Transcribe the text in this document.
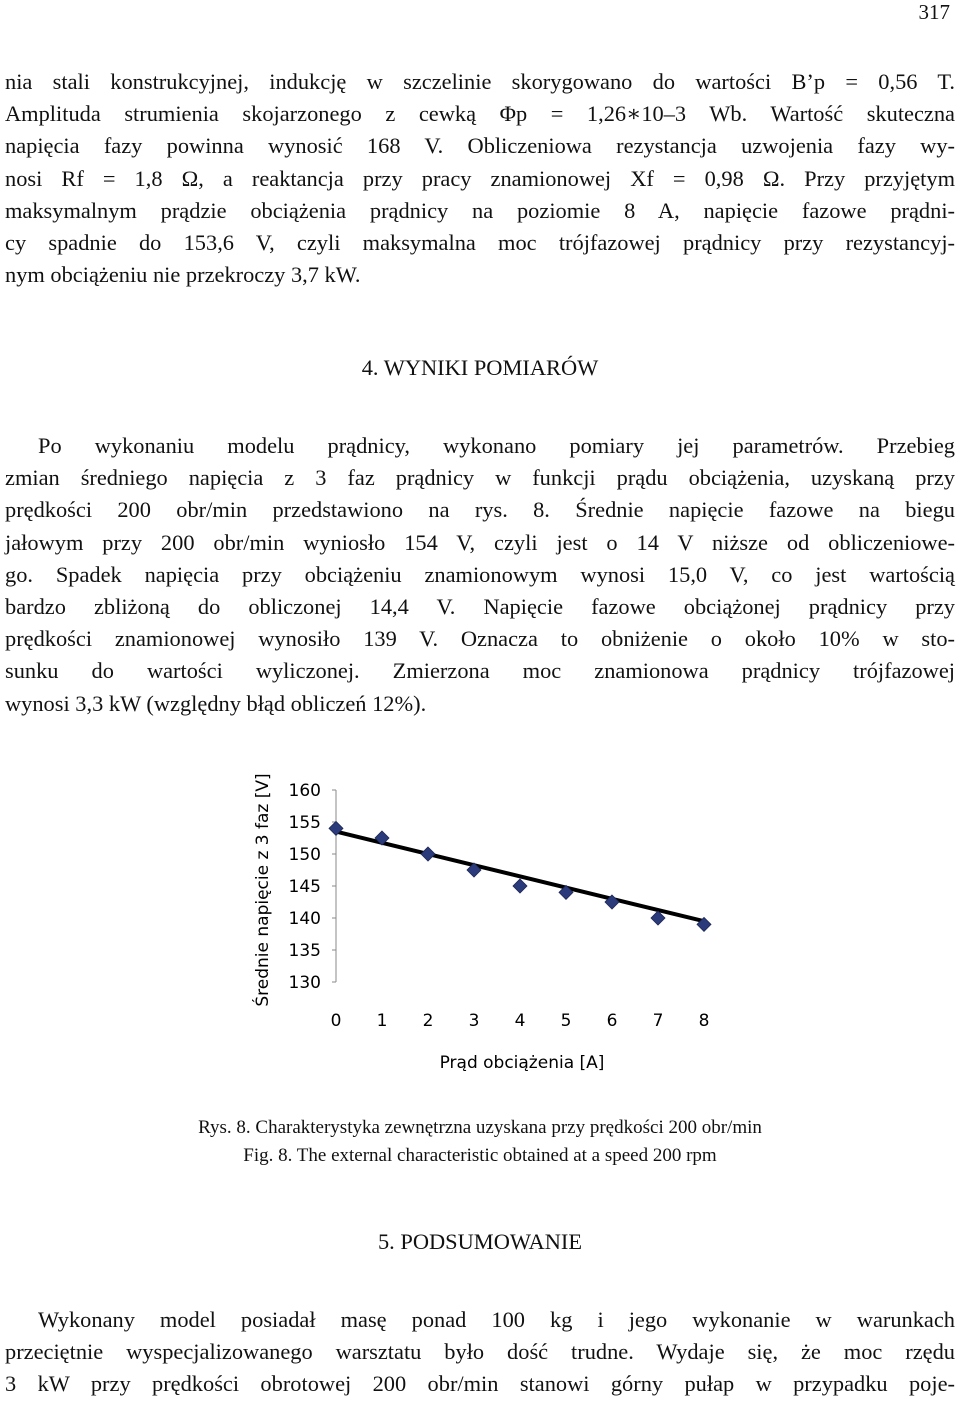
317
nia stali konstrukcyjnej, indukcję w szczelinie skorygowano do wartości B’p = 0,56 T.
Amplituda strumienia skojarzonego z cewką Φp = 1,26∗10–3 Wb. Wartość skuteczna
napięcia fazy powinna wynosić 168 V. Obliczeniowa rezystancja uzwojenia fazy wy-
nosi Rf = 1,8 Ω, a reaktancja przy pracy znamionowej Xf = 0,98 Ω. Przy przyjętym
maksymalnym prądzie obciążenia prądnicy na poziomie 8 A, napięcie fazowe prądni-
cy spadnie do 153,6 V, czyli maksymalna moc trójfazowej prądnicy przy rezystancyj-
nym obciążeniu nie przekroczy 3,7 kW.
4. WYNIKI POMIARÓW
Po wykonaniu modelu prądnicy, wykonano pomiary jej parametrów. Przebieg
zmian średniego napięcia z 3 faz prądnicy w funkcji prądu obciążenia, uzyskaną przy
prędkości 200 obr/min przedstawiono na rys. 8. Średnie napięcie fazowe na biegu
jałowym przy 200 obr/min wyniosło 154 V, czyli jest o 14 V niższe od obliczeniowe-
go. Spadek napięcia przy obciążeniu znamionowym wynosi 15,0 V, co jest wartością
bardzo zbliżoną do obliczonej 14,4 V. Napięcie fazowe obciążonej prądnicy przy
prędkości znamionowej wynosiło 139 V. Oznacza to obniżenie o około 10% w sto-
sunku do wartości wyliczonej. Zmierzona moc znamionowa prądnicy trójfazowej
wynosi 3,3 kW (względny błąd obliczeń 12%).
Średnie napięcie z 3 faz [V] 160
155
150
145
140
135
130
0 1 2 3 4 5 6 7 8
Prąd obciążenia [A]
Rys. 8. Charakterystyka zewnętrzna uzyskana przy prędkości 200 obr/min
Fig. 8. The external characteristic obtained at a speed 200 rpm
5. PODSUMOWANIE
Wykonany model posiadał masę ponad 100 kg i jego wykonanie w warunkach
przeciętnie wyspecjalizowanego warsztatu było dość trudne. Wydaje się, że moc rzędu
3 kW przy prędkości obrotowej 200 obr/min stanowi górny pułap w przypadku poje-
